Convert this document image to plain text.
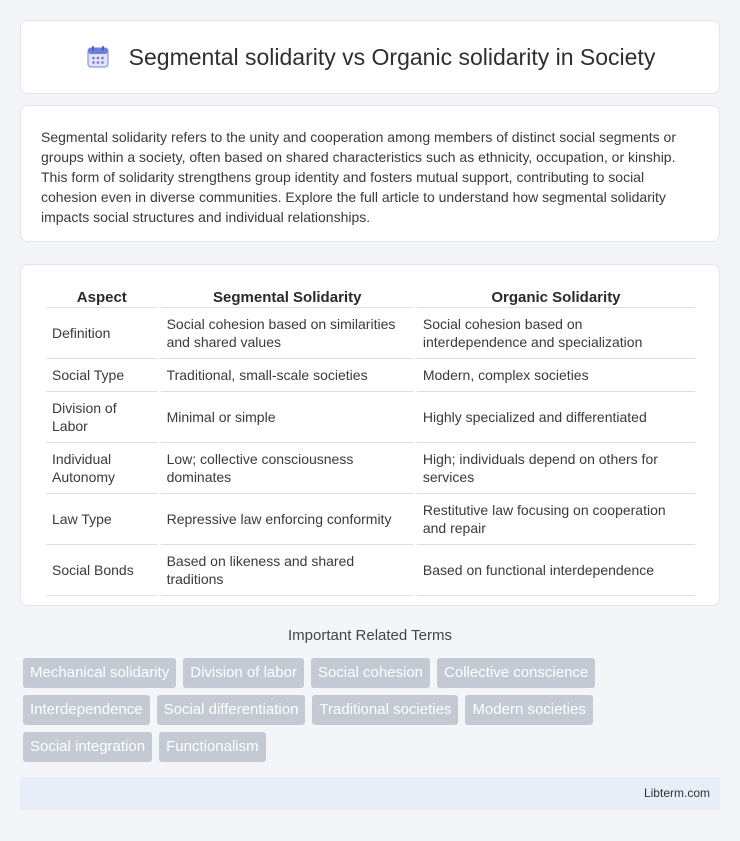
Segmental solidarity vs Organic solidarity in Society

Segmental solidarity refers to the unity and cooperation among members of distinct social segments or groups within a society, often based on shared characteristics such as ethnicity, occupation, or kinship. This form of solidarity strengthens group identity and fosters mutual support, contributing to social cohesion even in diverse communities. Explore the full article to understand how segmental solidarity impacts social structures and individual relationships.

Aspect	Segmental Solidarity	Organic Solidarity
Definition	Social cohesion based on similarities and shared values	Social cohesion based on interdependence and specialization
Social Type	Traditional, small-scale societies	Modern, complex societies
Division of Labor	Minimal or simple	Highly specialized and differentiated
Individual Autonomy	Low; collective consciousness dominates	High; individuals depend on others for services
Law Type	Repressive law enforcing conformity	Restitutive law focusing on cooperation and repair
Social Bonds	Based on likeness and shared traditions	Based on functional interdependence
Important Related Terms
Mechanical solidarity	Division of labor	Social cohesion	Collective conscience
Interdependence	Social differentiation	Traditional societies	Modern societies
Social integration	Functionalism
Libterm.com
